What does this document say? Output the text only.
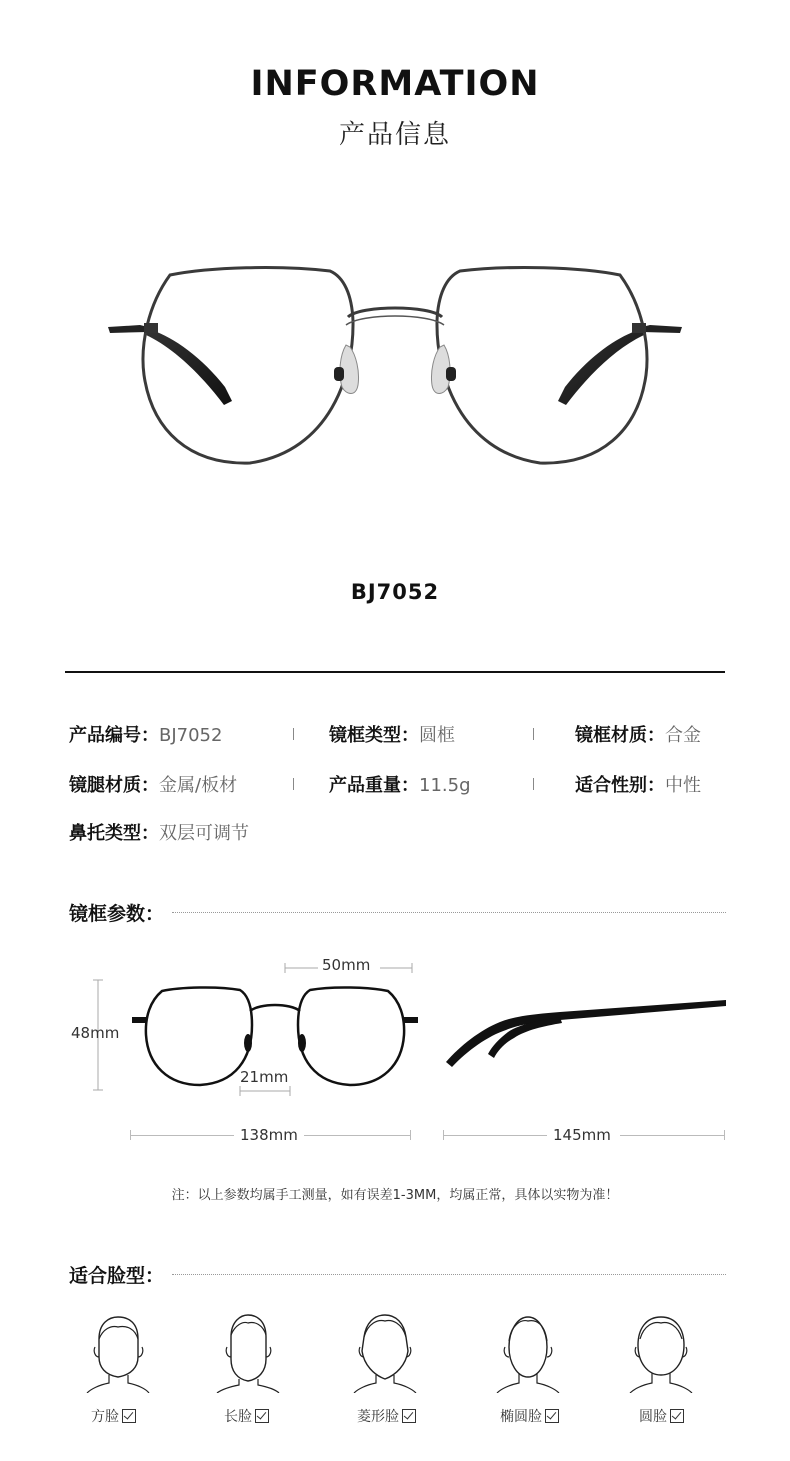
INFORMATION
产品信息
BJ7052
产品编号：BJ7052	镜框类型：圆框	镜框材质：合金
镜腿材质：金属/板材	产品重量：11.5g	适合性别：中性
鼻托类型：双层可调节
镜框参数：
50mm
48mm
21mm
138mm	145mm
注：以上参数均属手工测量，如有误差1-3MM，均属正常，具体以实物为准！
适合脸型：
方脸	长脸	菱形脸	椭圆脸	圆脸
